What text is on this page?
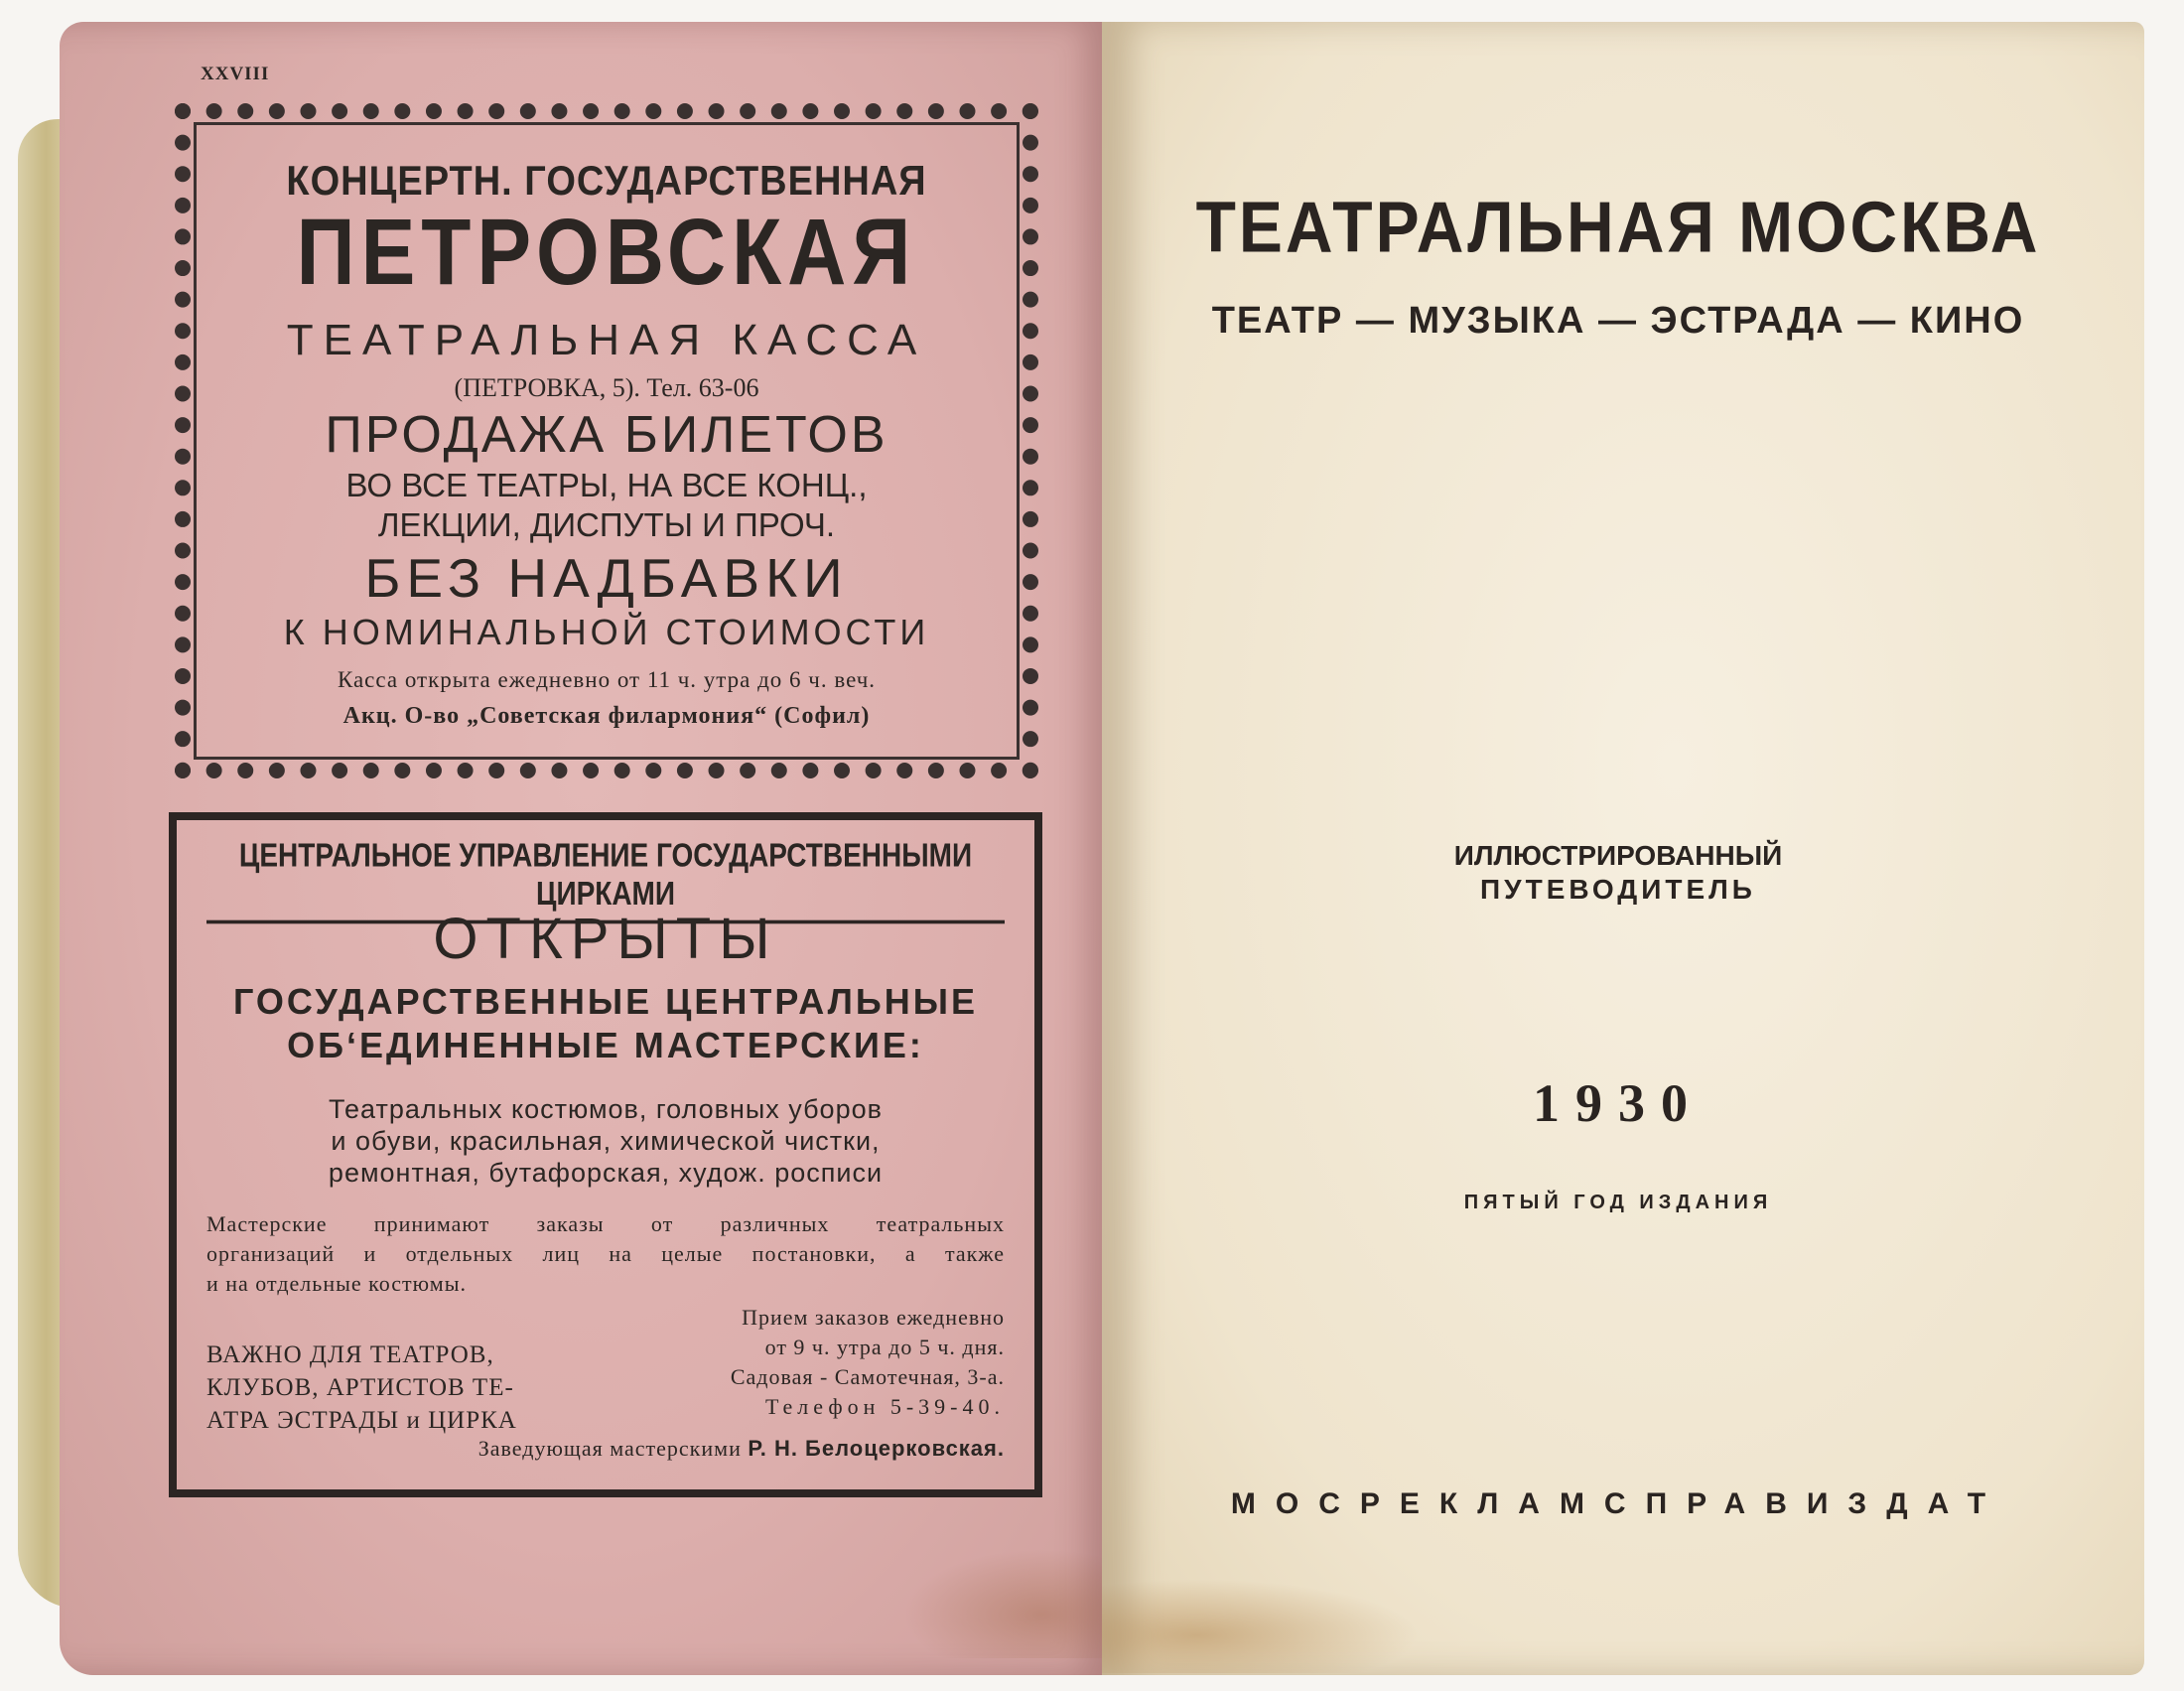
XXVIII
КОНЦЕРТН. ГОСУДАРСТВЕННАЯ
ПЕТРОВСКАЯ
ТЕАТРАЛЬНАЯ КАССА
(ПЕТРОВКА, 5). Тел. 63-06
ПРОДАЖА БИЛЕТОВ
ВО ВСЕ ТЕАТРЫ, НА ВСЕ КОНЦ.,
ЛЕКЦИИ, ДИСПУТЫ И ПРОЧ.
БЕЗ НАДБАВКИ
К НОМИНАЛЬНОЙ СТОИМОСТИ
Касса открыта ежедневно от 11 ч. утра до 6 ч. веч.
Акц. О-во „Советская филармония“ (Софил)
ЦЕНТРАЛЬНОЕ УПРАВЛЕНИЕ ГОСУДАРСТВЕННЫМИ ЦИРКАМИ
ОТКРЫТЫ
ГОСУДАРСТВЕННЫЕ ЦЕНТРАЛЬНЫЕ
ОБ‘ЕДИНЕННЫЕ МАСТЕРСКИЕ:
Театральных костюмов, головных уборов
и обуви, красильная, химической чистки,
ремонтная, бутафорская, худож. росписи
Мастерские принимают заказы от различных театральных
организаций и отдельных лиц на целые постановки, а также
и на отдельные костюмы.
ВАЖНО ДЛЯ ТЕАТРОВ,
КЛУБОВ, АРТИСТОВ ТЕ-
АТРА ЭСТРАДЫ и ЦИРКА
Прием заказов ежедневно
от 9 ч. утра до 5 ч. дня.
Садовая - Самотечная, 3-а.
Телефон 5-39-40.
Заведующая мастерскими Р. Н. Белоцерковская.
ТЕАТРАЛЬНАЯ МОСКВА
ТЕАТР — МУЗЫКА — ЭСТРАДА — КИНО
ИЛЛЮСТРИРОВАННЫЙ
ПУТЕВОДИТЕЛЬ
1930
ПЯТЫЙ ГОД ИЗДАНИЯ
МОСРЕКЛАМСПРАВИЗДАТ
